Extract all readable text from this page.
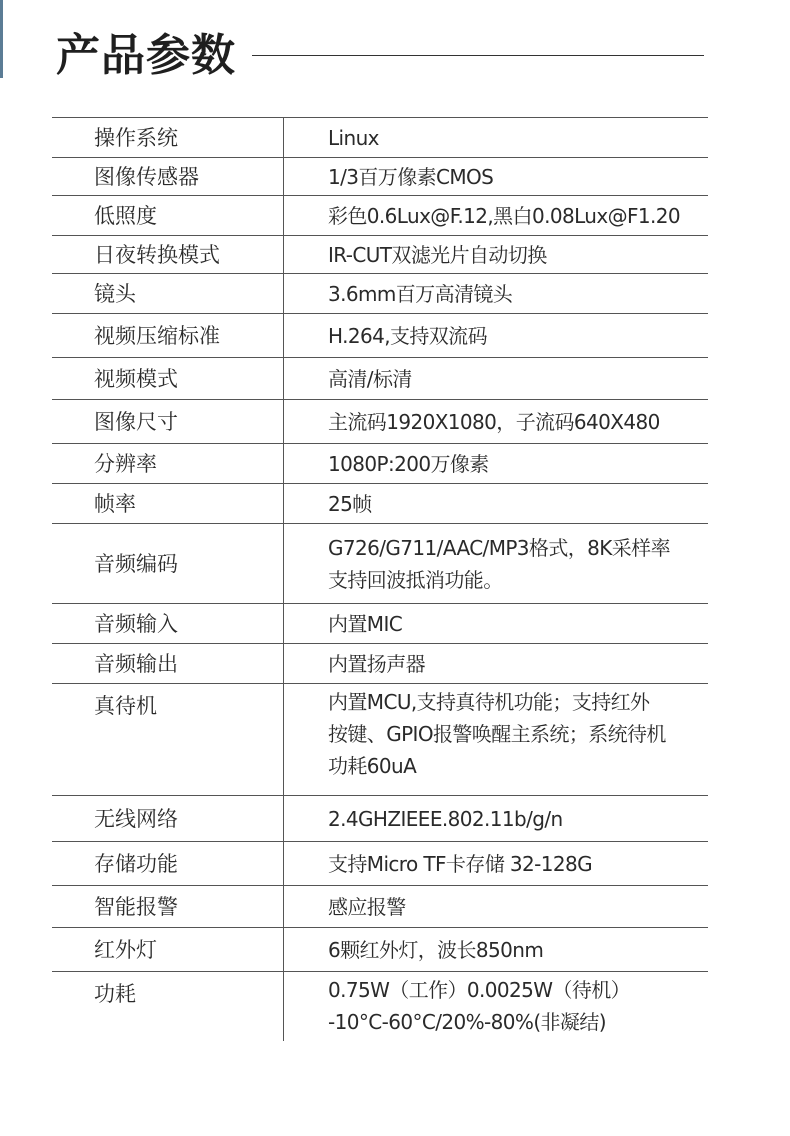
产品参数
操作系统	Linux
图像传感器	1/3百万像素CMOS
低照度	彩色0.6Lux@F.12,黑白0.08Lux@F1.20
日夜转换模式	IR-CUT双滤光片自动切换
镜头	3.6mm百万高清镜头
视频压缩标准	H.264,支持双流码
视频模式	高清/标清
图像尺寸	主流码1920X1080，子流码640X480
分辨率	1080P:200万像素
帧率	25帧
音频编码
G726/G711/AAC/MP3格式，8K采样率
支持回波抵消功能。
音频输入	内置MIC
音频输出	内置扬声器
真待机	内置MCU,支持真待机功能；支持红外
按键、GPIO报警唤醒主系统；系统待机
功耗60uA
无线网络	2.4GHZIEEE.802.11b/g/n
存储功能	支持Micro TF卡存储 32-128G
智能报警	感应报警
红外灯	6颗红外灯，波长850nm
功耗	0.75W（工作）0.0025W（待机）
-10°C-60°C/20%-80%(非凝结)
